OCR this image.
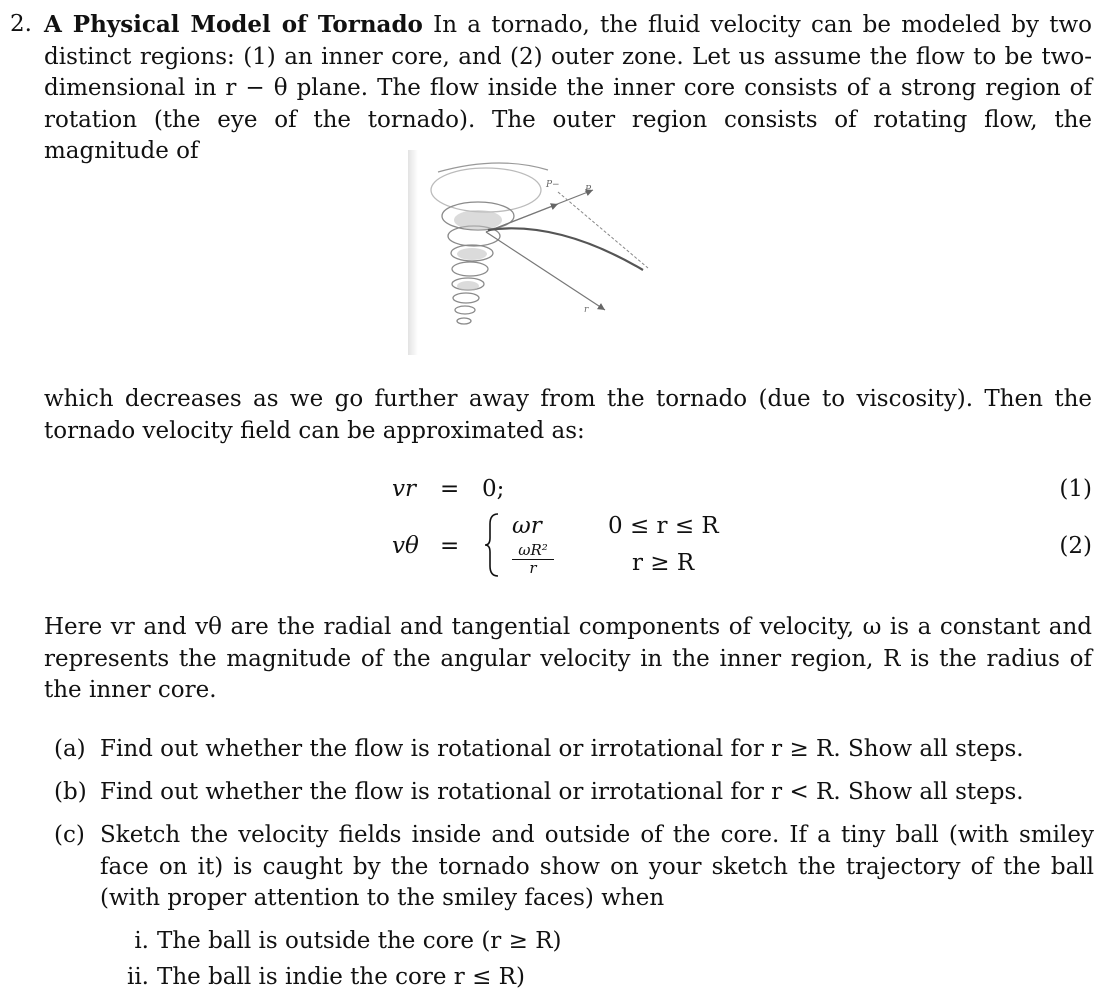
2. A Physical Model of Tornado In a tornado, the fluid velocity can be modeled by two distinct regions: (1) an inner core, and (2) outer zone. Let us assume the flow to be two-dimensional in r − θ plane. The flow inside the inner core consists of a strong region of rotation (the eye of the tornado). The outer region consists of rotating flow, the magnitude of
P−	P
r
which decreases as we go further away from the tornado (due to viscosity). Then the tornado velocity field can be approximated as:
vr = 0;	(1)
vθ =
ωr	0 ≤ r ≤ R
$\frac{\text{ωR²}}{r}$	r ≥ R
(2)
Here vr and vθ are the radial and tangential components of velocity, ω is a constant and represents the magnitude of the angular velocity in the inner region, R is the radius of the inner core.
(a) Find out whether the flow is rotational or irrotational for r ≥ R. Show all steps.
(b) Find out whether the flow is rotational or irrotational for r < R. Show all steps.
(c) Sketch the velocity fields inside and outside of the core. If a tiny ball (with smiley face on it) is caught by the tornado show on your sketch the trajectory of the ball (with proper attention to the smiley faces) when
i. The ball is outside the core (r ≥ R)
ii. The ball is indie the core r ≤ R)
